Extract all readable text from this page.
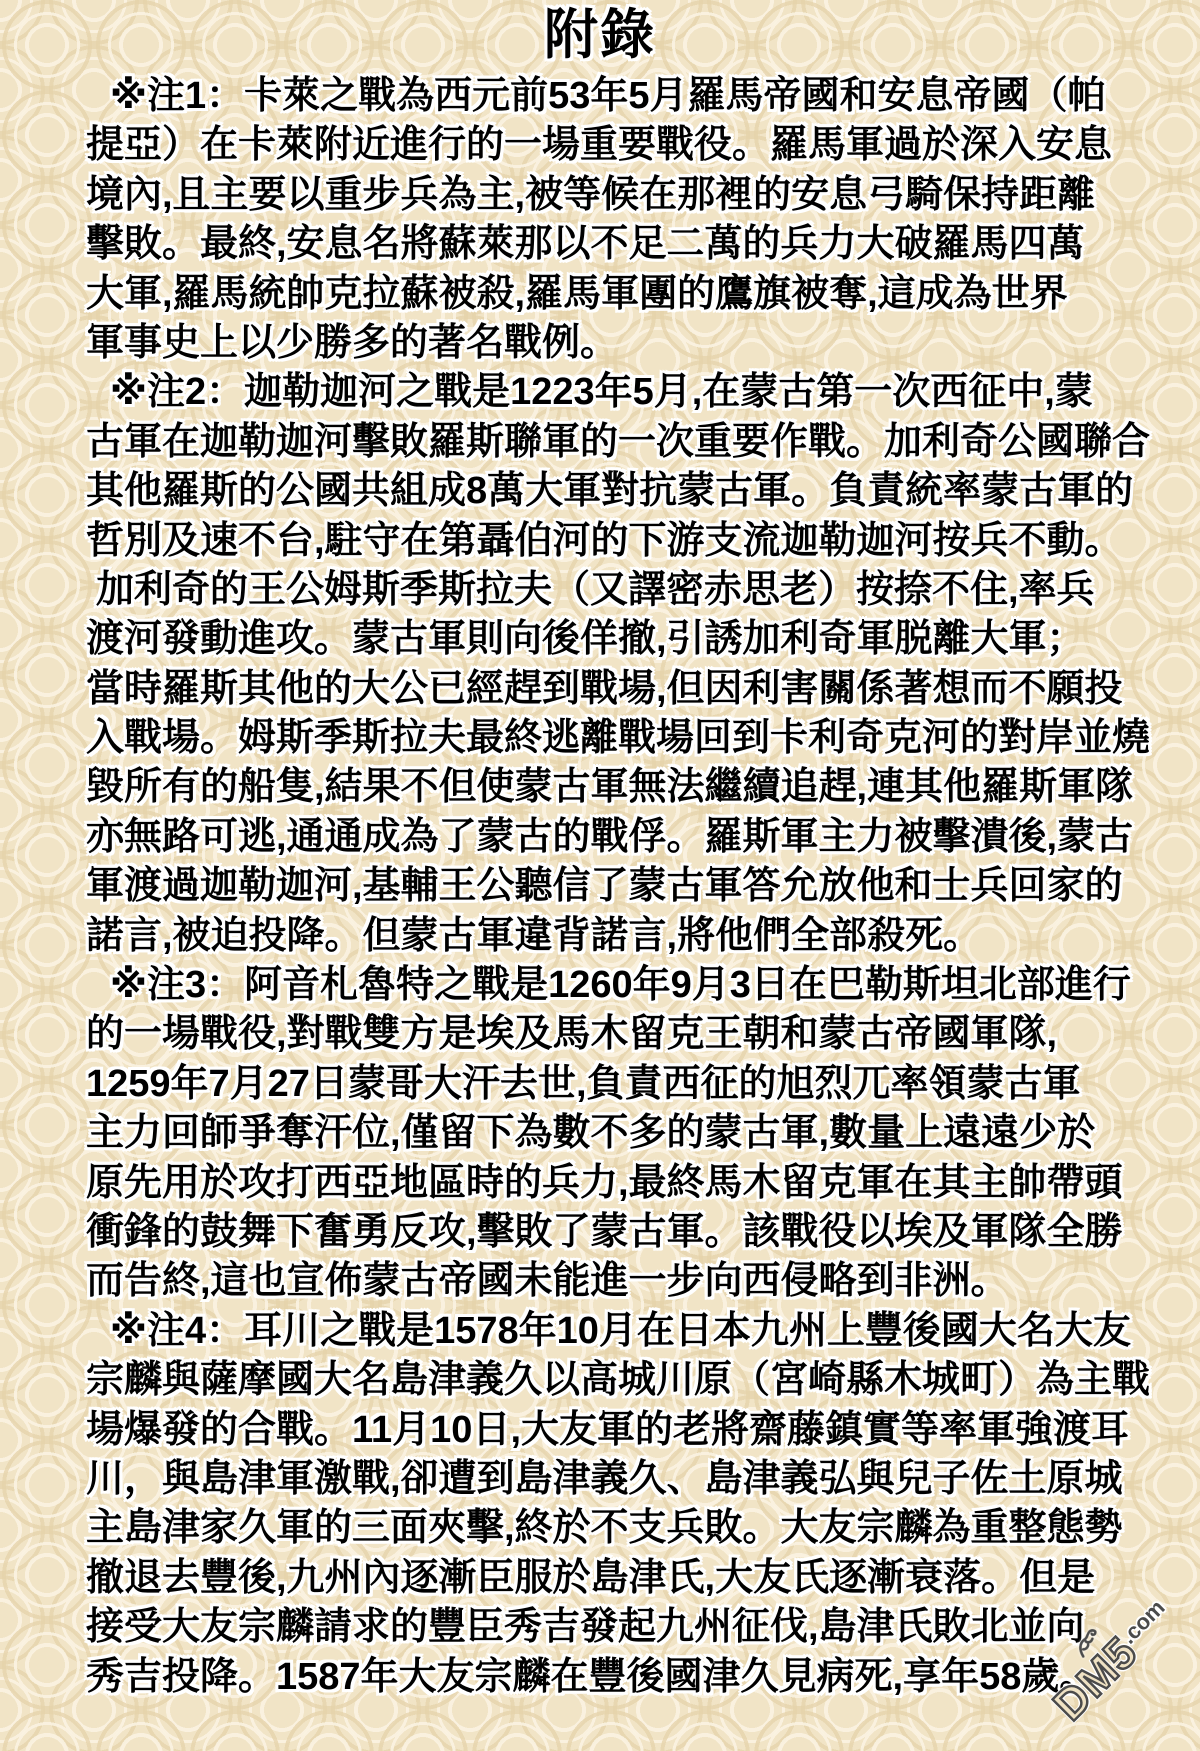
附錄
※注1：卡萊之戰為西元前53年5月羅馬帝國和安息帝國（帕
提亞）在卡萊附近進行的一場重要戰役。羅馬軍過於深入安息
境內,且主要以重步兵為主,被等候在那裡的安息弓騎保持距離
擊敗。最終,安息名將蘇萊那以不足二萬的兵力大破羅馬四萬
大軍,羅馬統帥克拉蘇被殺,羅馬軍團的鷹旗被奪,這成為世界
軍事史上以少勝多的著名戰例。
※注2：迦勒迦河之戰是1223年5月,在蒙古第一次西征中,蒙
古軍在迦勒迦河擊敗羅斯聯軍的一次重要作戰。加利奇公國聯合
其他羅斯的公國共組成8萬大軍對抗蒙古軍。負責統率蒙古軍的
哲別及速不台,駐守在第聶伯河的下游支流迦勒迦河按兵不動。
加利奇的王公姆斯季斯拉夫（又譯密赤思老）按捺不住,率兵
渡河發動進攻。蒙古軍則向後佯撤,引誘加利奇軍脱離大軍；
當時羅斯其他的大公已經趕到戰場,但因利害關係著想而不願投
入戰場。姆斯季斯拉夫最終逃離戰場回到卡利奇克河的對岸並燒
毀所有的船隻,結果不但使蒙古軍無法繼續追趕,連其他羅斯軍隊
亦無路可逃,通通成為了蒙古的戰俘。羅斯軍主力被擊潰後,蒙古
軍渡過迦勒迦河,基輔王公聽信了蒙古軍答允放他和士兵回家的
諾言,被迫投降。但蒙古軍違背諾言,將他們全部殺死。
※注3：阿音札魯特之戰是1260年9月3日在巴勒斯坦北部進行
的一場戰役,對戰雙方是埃及馬木留克王朝和蒙古帝國軍隊,
1259年7月27日蒙哥大汗去世,負責西征的旭烈兀率領蒙古軍
主力回師爭奪汗位,僅留下為數不多的蒙古軍,數量上遠遠少於
原先用於攻打西亞地區時的兵力,最終馬木留克軍在其主帥帶頭
衝鋒的鼓舞下奮勇反攻,擊敗了蒙古軍。該戰役以埃及軍隊全勝
而告終,這也宣佈蒙古帝國未能進一步向西侵略到非洲。
※注4：耳川之戰是1578年10月在日本九州上豐後國大名大友
宗麟與薩摩國大名島津義久以高城川原（宮崎縣木城町）為主戰
場爆發的合戰。11月10日,大友軍的老將齋藤鎮實等率軍強渡耳
川，與島津軍激戰,卻遭到島津義久、島津義弘與兒子佐土原城
主島津家久軍的三面夾擊,終於不支兵敗。大友宗麟為重整態勢
撤退去豐後,九州內逐漸臣服於島津氏,大友氏逐漸衰落。但是
接受大友宗麟請求的豐臣秀吉發起九州征伐,島津氏敗北並向
秀吉投降。1587年大友宗麟在豐後國津久見病死,享年58歲。
DM5.com
